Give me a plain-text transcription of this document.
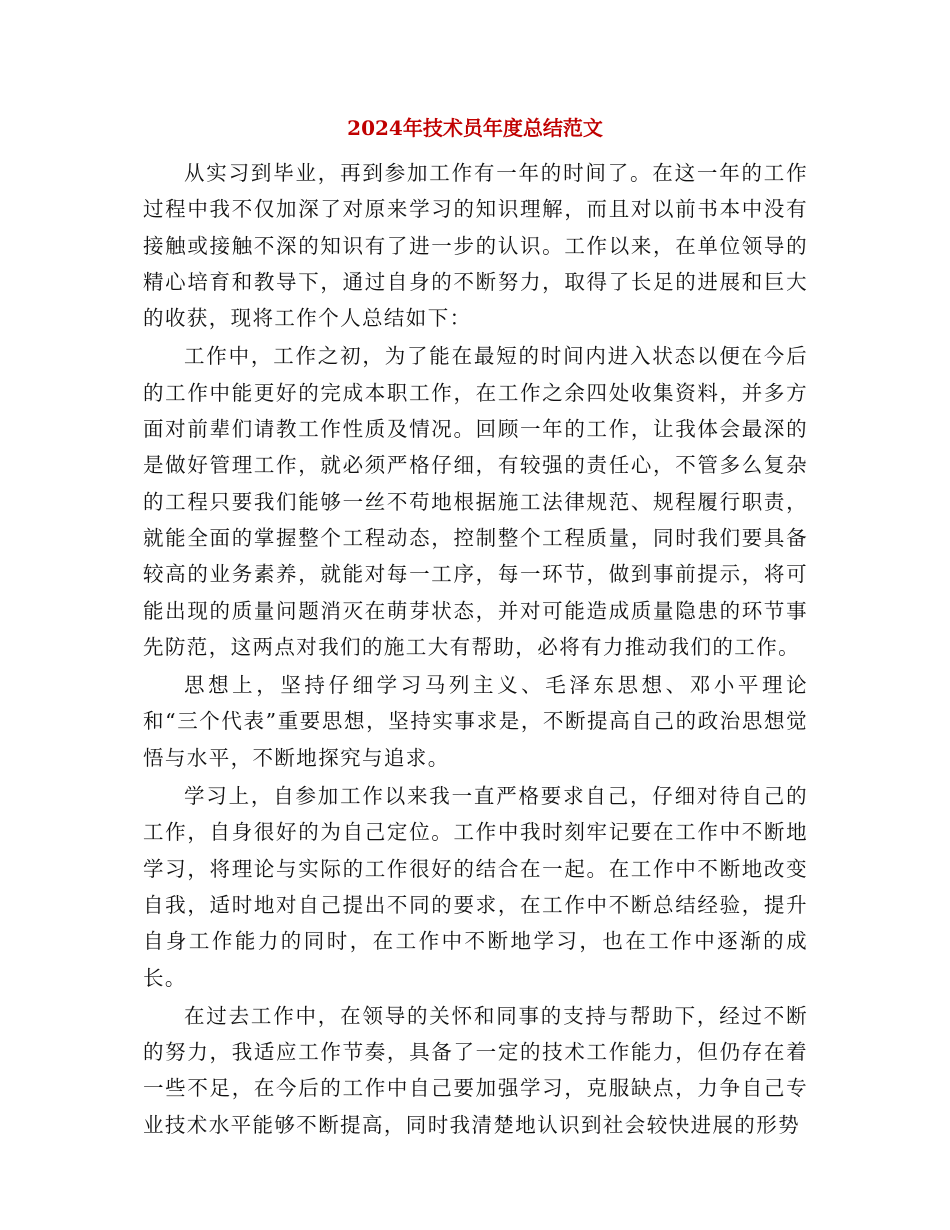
2024年技术员年度总结范文

从实习到毕业，再到参加工作有一年的时间了。在这一年的工作过程中我不仅加深了对原来学习的知识理解，而且对以前书本中没有接触或接触不深的知识有了进一步的认识。工作以来，在单位领导的精心培育和教导下，通过自身的不断努力，取得了长足的进展和巨大的收获，现将工作个人总结如下：

工作中，工作之初，为了能在最短的时间内进入状态以便在今后的工作中能更好的完成本职工作，在工作之余四处收集资料，并多方面对前辈们请教工作性质及情况。回顾一年的工作，让我体会最深的是做好管理工作，就必须严格仔细，有较强的责任心，不管多么复杂的工程只要我们能够一丝不苟地根据施工法律规范、规程履行职责，就能全面的掌握整个工程动态，控制整个工程质量，同时我们要具备较高的业务素养，就能对每一工序，每一环节，做到事前提示，将可能出现的质量问题消灭在萌芽状态，并对可能造成质量隐患的环节事先防范，这两点对我们的施工大有帮助，必将有力推动我们的工作。

思想上，坚持仔细学习马列主义、毛泽东思想、邓小平理论和“三个代表”重要思想，坚持实事求是，不断提高自己的政治思想觉悟与水平，不断地探究与追求。

学习上，自参加工作以来我一直严格要求自己，仔细对待自己的工作，自身很好的为自己定位。工作中我时刻牢记要在工作中不断地学习，将理论与实际的工作很好的结合在一起。在工作中不断地改变自我，适时地对自己提出不同的要求，在工作中不断总结经验，提升自身工作能力的同时，在工作中不断地学习，也在工作中逐渐的成长。

在过去工作中，在领导的关怀和同事的支持与帮助下，经过不断的努力，我适应工作节奏，具备了一定的技术工作能力，但仍存在着一些不足，在今后的工作中自己要加强学习，克服缺点，力争自己专业技术水平能够不断提高，同时我清楚地认识到社会较快进展的形势
